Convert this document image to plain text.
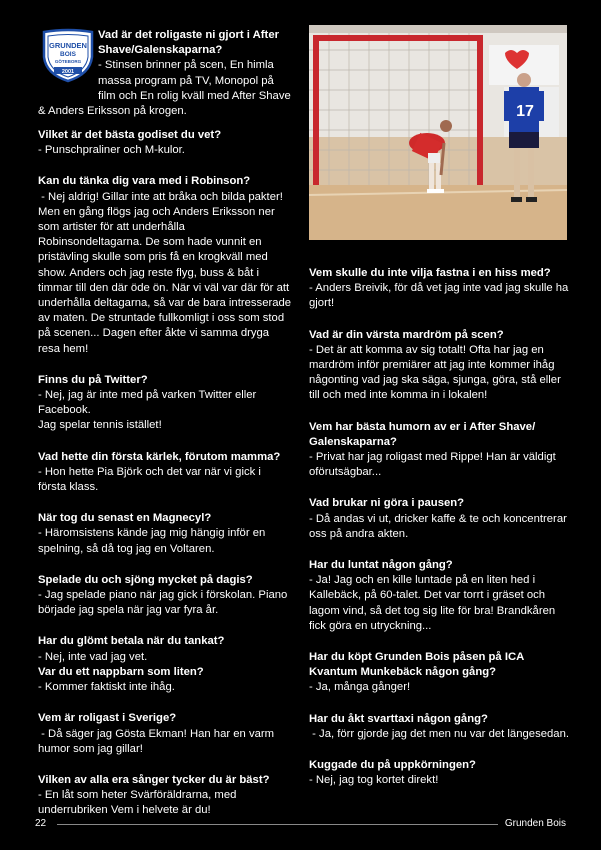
GRUNDEN
BOIS
GÖTEBORG
2001
Vad är det roligaste ni gjort i After
Shave/Galenskaparna?
- Stinsen brinner på scen, En himla
massa program på TV, Monopol på
film och En rolig kväll med After Shave
& Anders Eriksson på krogen.
Vilket är det bästa godiset du vet?
- Punschpraliner och M-kulor.
Kan du tänka dig vara med i Robinson?
- Nej aldrig! Gillar inte att bråka och bilda pakter! Men en gång flögs jag och Anders Eriksson ner som artister för att underhålla Robinsondeltagarna. De som hade vunnit en pristävling skulle som pris få en krogkväll med show. Anders och jag reste flyg, buss & båt i timmar till den där öde ön. När vi väl var där för att underhålla deltagarna, så var de bara intresserade av maten. De struntade fullkomligt i oss som stod på scenen... Dagen efter åkte vi samma dryga resa hem!
Finns du på Twitter?
- Nej, jag är inte med på varken Twitter eller Facebook.
Jag spelar tennis istället!
Vad hette din första kärlek, förutom mamma?
- Hon hette Pia Björk och det var när vi gick i första klass.
När tog du senast en Magnecyl?
- Häromsistens kände jag mig hängig inför en spelning, så då tog jag en Voltaren.
Spelade du och sjöng mycket på dagis?
- Jag spelade piano när jag gick i förskolan. Piano började jag spela när jag var fyra år.
Har du glömt betala när du tankat?
- Nej, inte vad jag vet.
Var du ett nappbarn som liten?
- Kommer faktiskt inte ihåg.
Vem är roligast i Sverige?
- Då säger jag Gösta Ekman! Han har en varm humor som jag gillar!
Vilken av alla era sånger tycker du är bäst?
- En låt som heter Svärföräldrarna, med underrubriken Vem i helvete är du!
17
Vem skulle du inte vilja fastna i en hiss med?
- Anders Breivik, för då vet jag inte vad jag skulle ha gjort!
Vad är din värsta mardröm på scen?
- Det är att komma av sig totalt! Ofta har jag en mardröm inför premiärer att jag inte kommer ihåg någonting vad jag ska säga, sjunga, göra, stå eller till och med inte komma in i lokalen!
Vem har bästa humorn av er i After Shave/ Galenskaparna?
- Privat har jag roligast med Rippe! Han är väldigt oförutsägbar...
Vad brukar ni göra i pausen?
- Då andas vi ut, dricker kaffe & te och koncentrerar oss på andra akten.
Har du luntat någon gång?
- Ja! Jag och en kille luntade på en liten hed i Kallebäck, på 60-talet. Det var torrt i gräset och lagom vind, så det tog sig lite för bra! Brandkåren fick göra en utryckning...
Har du köpt Grunden Bois påsen på ICA Kvantum Munkebäck någon gång?
- Ja, många gånger!
Har du åkt svarttaxi någon gång?
- Ja, förr gjorde jag det men nu var det längesedan.
Kuggade du på uppkörningen?
- Nej, jag tog kortet direkt!
22	Grunden Bois
